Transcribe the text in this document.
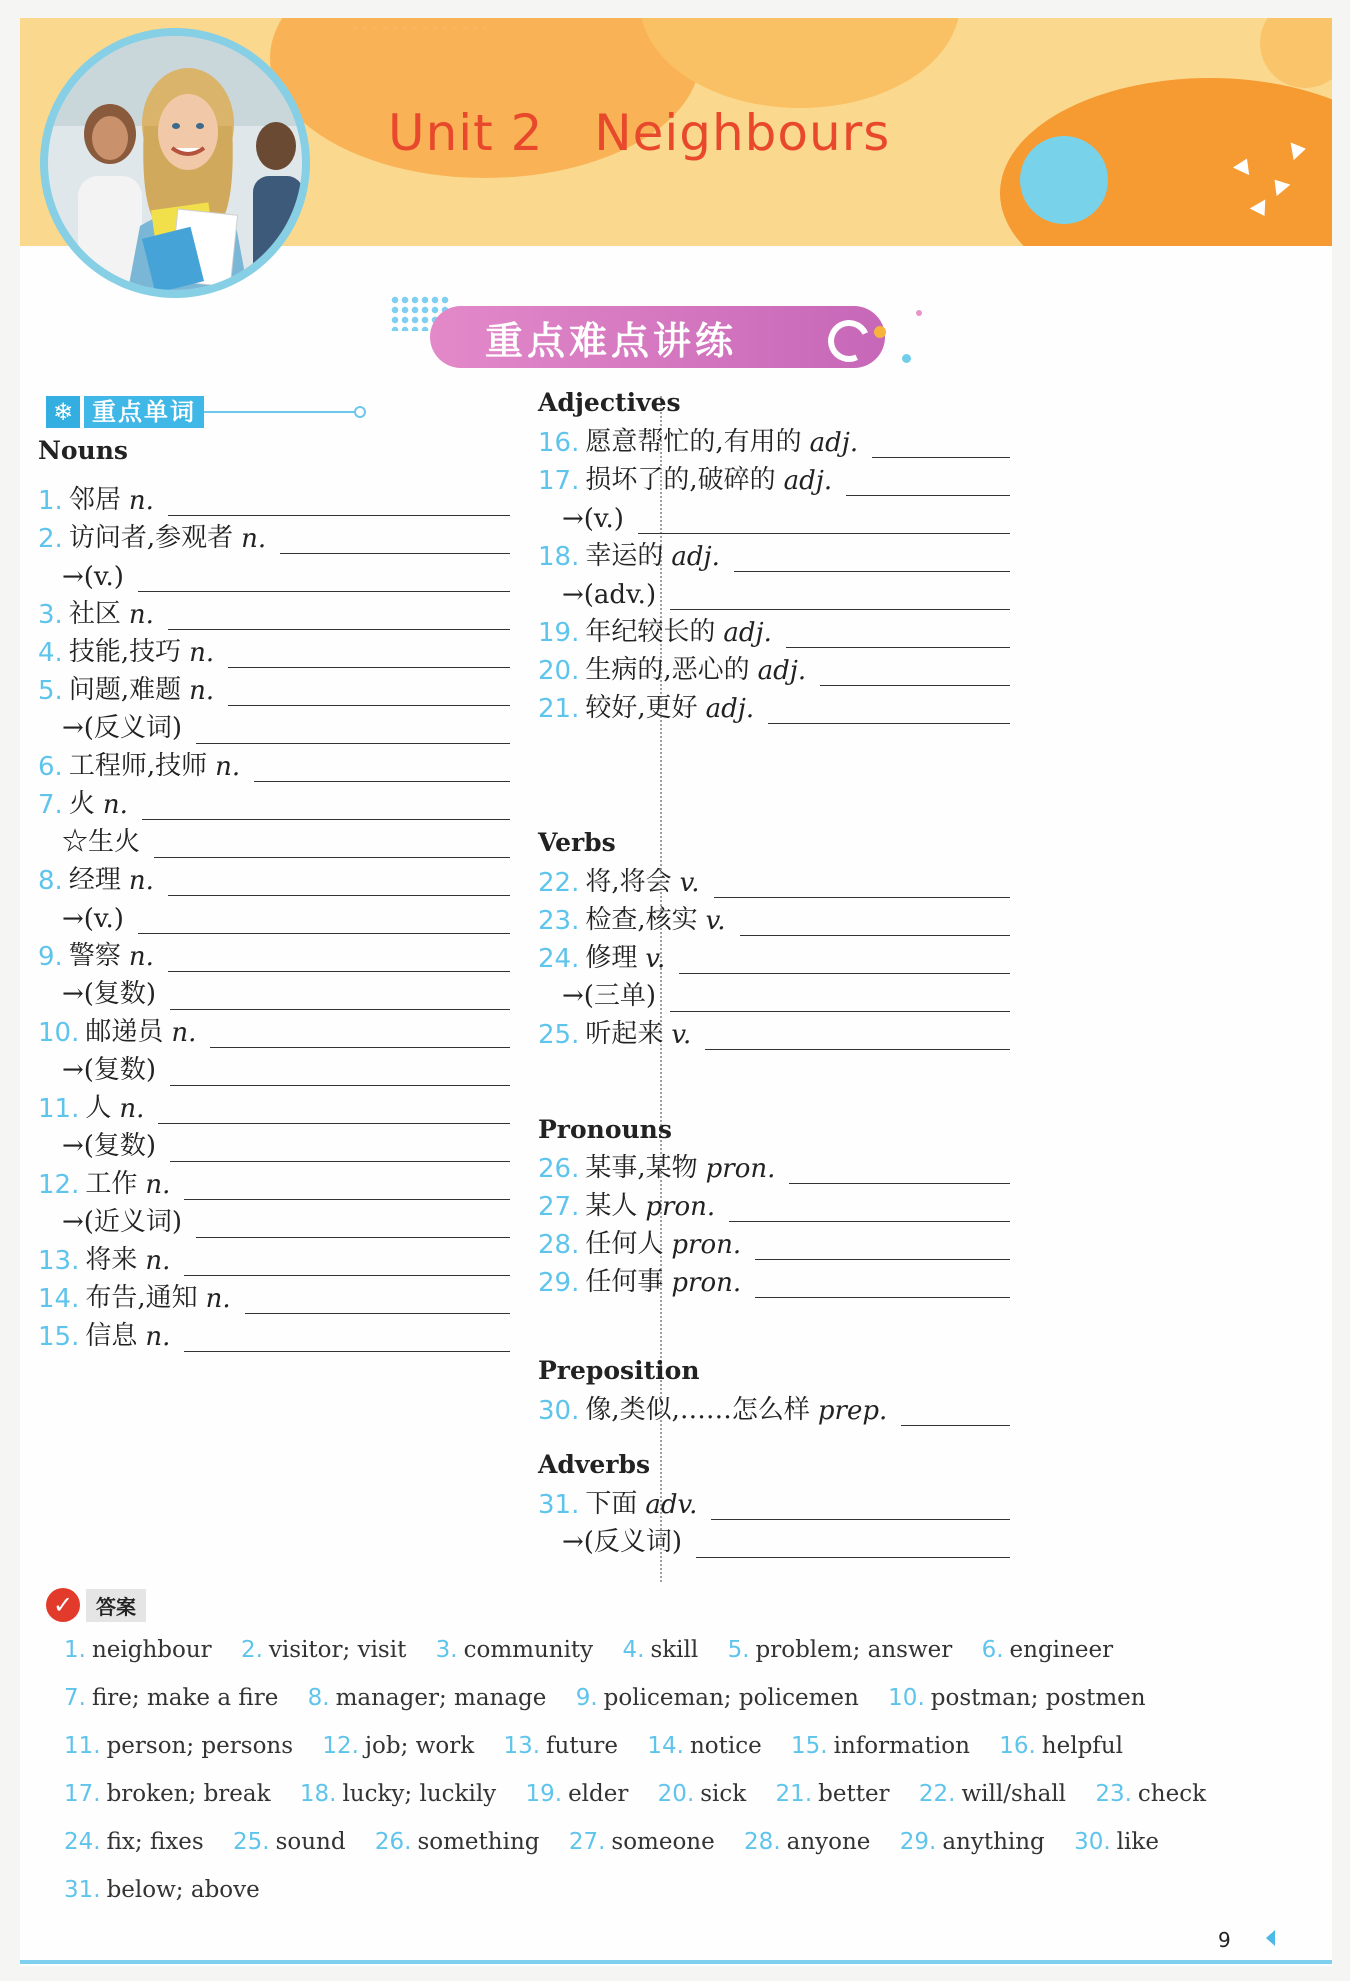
Unit 2 Neighbours
重点难点讲练
❄ 重点单词
Nouns
1. 邻居 n.
2. 访问者,参观者 n.
→(v.)
3. 社区 n.
4. 技能,技巧 n.
5. 问题,难题 n.
→(反义词)
6. 工程师,技师 n.
7. 火 n.
☆生火
8. 经理 n.
→(v.)
9. 警察 n.
→(复数)
10. 邮递员 n.
→(复数)
11. 人 n.
→(复数)
12. 工作 n.
→(近义词)
13. 将来 n.
14. 布告,通知 n.
15. 信息 n.
Adjectives
16. 愿意帮忙的,有用的 adj.
17. 损坏了的,破碎的 adj.
→(v.)
18. 幸运的 adj.
→(adv.)
19. 年纪较长的 adj.
20. 生病的,恶心的 adj.
21. 较好,更好 adj.
Verbs
22. 将,将会 v.
23. 检查,核实 v.
24. 修理 v.
→(三单)
25. 听起来 v.
Pronouns
26. 某事,某物 pron.
27. 某人 pron.
28. 任何人 pron.
29. 任何事 pron.
Preposition
30. 像,类似,……怎么样 prep.
Adverbs
31. 下面 adv.
→(反义词)
✓	答案
1. neighbour 2. visitor; visit 3. community 4. skill 5. problem; answer 6. engineer 7. fire; make a fire 8. manager; manage 9. policeman; policemen 10. postman; postmen 11. person; persons 12. job; work 13. future 14. notice 15. information 16. helpful 17. broken; break 18. lucky; luckily 19. elder 20. sick 21. better 22. will/shall 23. check 24. fix; fixes 25. sound 26. something 27. someone 28. anyone 29. anything 30. like 31. below; above
9
